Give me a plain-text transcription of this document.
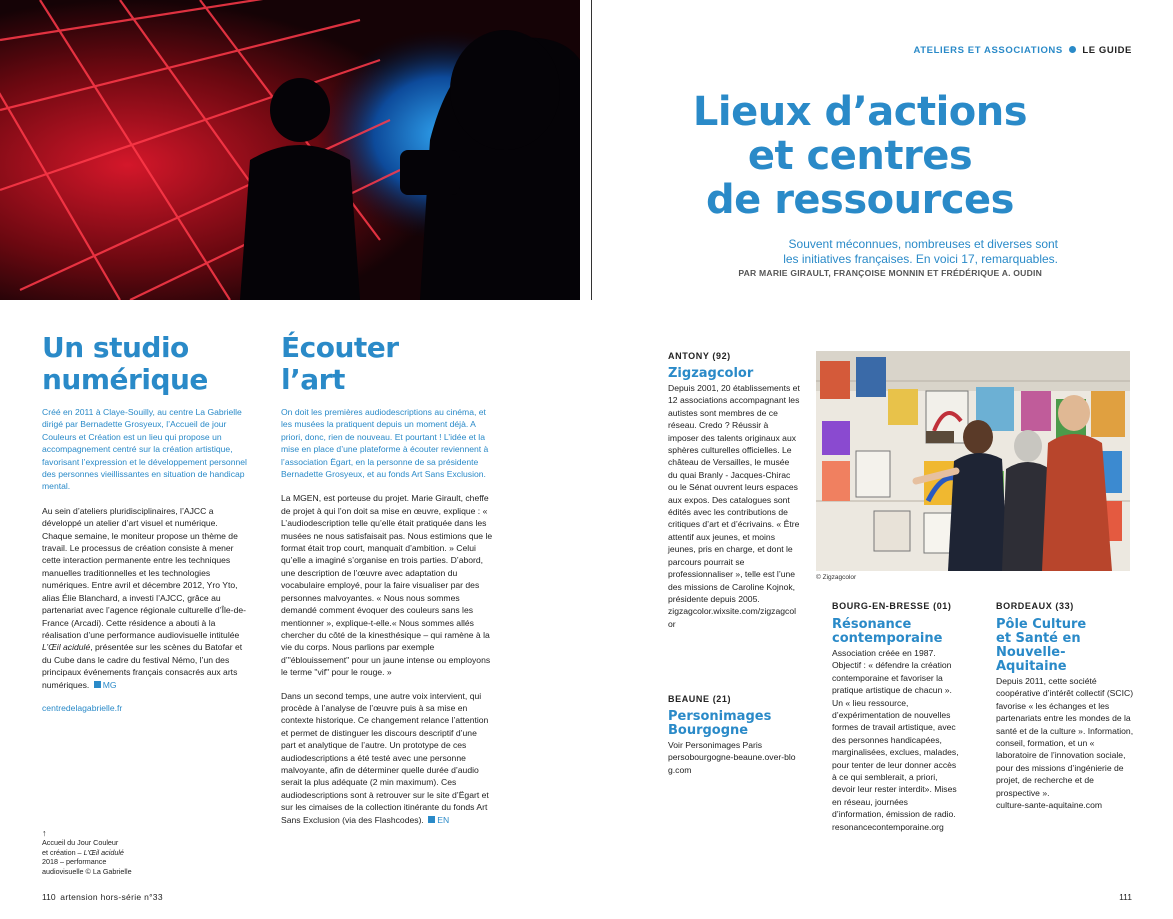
ATELIERS ET ASSOCIATIONS LE GUIDE
Lieux d’actions
et centres
de ressources
Souvent méconnues, nombreuses et diverses sont
les initiatives françaises. En voici 17, remarquables.
PAR MARIE GIRAULT, FRANÇOISE MONNIN ET FRÉDÉRIQUE A. OUDIN
Un studio
numérique

Créé en 2011 à Claye-Souilly, au centre La Gabrielle dirigé par Bernadette Grosyeux, l’Accueil de jour Couleurs et Création est un lieu qui propose un accompagnement centré sur la création artistique, favorisant l’expression et le développement personnel des personnes vieillissantes en situation de handicap mental.

Au sein d’ateliers pluridisciplinaires, l’AJCC a développé un atelier d’art visuel et numérique. Chaque semaine, le moniteur propose un thème de travail. Le processus de création consiste à mener cette interaction permanente entre les techniques manuelles traditionnelles et les technologies numériques. Entre avril et décembre 2012, Yro Yto, alias Élie Blanchard, a investi l’AJCC, grâce au partenariat avec l’agence régionale culturelle d’Île-de-France (Arcadi). Cette résidence a abouti à la réalisation d’une performance audiovisuelle intitulée L’Œil acidulé, présentée sur les scènes du Batofar et du Cube dans le cadre du festival Némo, l’un des principaux événements français consacrés aux arts numériques. MG

centredelagabrielle.fr
↑
Accueil du Jour Couleur
et création – L’Œil acidulé
2018 – performance
audiovisuelle © La Gabrielle
Écouter
l’art

On doit les premières audiodescriptions au cinéma, et les musées la pratiquent depuis un moment déjà. A priori, donc, rien de nouveau. Et pourtant ! L’idée et la mise en place d’une plateforme à écouter reviennent à l’association Ëgart, en la personne de sa présidente Bernadette Grosyeux, et au fonds Art Sans Exclusion.

La MGEN, est porteuse du projet. Marie Girault, cheffe de projet à qui l’on doit sa mise en œuvre, explique : « L’audiodescription telle qu’elle était pratiquée dans les musées ne nous satisfaisait pas. Nous estimions que le format était trop court, manquait d’ambition. » Celui qu’elle a imaginé s’organise en trois parties. D’abord, une description de l’œuvre avec adaptation du vocabulaire employé, pour la faire visualiser par des personnes malvoyantes. « Nous nous sommes demandé comment évoquer des couleurs sans les mentionner », explique-t-elle.« Nous sommes allés chercher du côté de la kinesthésique – qui ramène à la vie du corps. Nous parlions par exemple d’"éblouissement" pour un jaune intense ou employons le terme "vif" pour le rouge. »

Dans un second temps, une autre voix intervient, qui procède à l’analyse de l’œuvre puis à sa mise en contexte historique. Ce changement relance l’attention et permet de distinguer les discours descriptif d’une part et analytique de l’autre. Un prototype de ces audiodescriptions a été testé avec une personne malvoyante, afin de déterminer quelle durée d’audio serait la plus adéquate (2 min maximum). Ces audiodescriptions sont à retrouver sur le site d’Ëgart et sur les cimaises de la collection itinérante du fonds Art Sans Exclusion (via des Flashcodes). EN

ANTONY (92)
Zigzagcolor

Depuis 2001, 20 établissements et 12 associations accompagnant les autistes sont membres de ce réseau. Credo ? Réussir à imposer des talents originaux aux sphères culturelles officielles. Le château de Versailles, le musée du quai Branly - Jacques-Chirac ou le Sénat ouvrent leurs espaces aux expos. Des catalogues sont édités avec les contributions de critiques d’art et d’écrivains. « Être attentif aux jeunes, et moins jeunes, pris en charge, et dont le parcours pourrait se professionnaliser », telle est l’une des missions de Caroline Kojnok, présidente depuis 2005.

zigzagcolor.wixsite.com/zigzagcolor
BEAUNE (21)
Personimages
Bourgogne
Voir Personimages Paris
persobourgogne-beaune.over-blog.com
© Zigzagcolor
BOURG-EN-BRESSE (01)
Résonance
contemporaine

Association créée en 1987. Objectif : « défendre la création contemporaine et favoriser la pratique artistique de chacun ». Un « lieu ressource, d’expérimentation de nouvelles formes de travail artistique, avec des personnes handicapées, marginalisées, exclues, malades, pour tenter de leur donner accès à ce qui semblerait, a priori, devoir leur rester interdit». Mises en réseau, journées d’information, émission de radio.

resonancecontemporaine.org
BORDEAUX (33)
Pôle Culture
et Santé en
Nouvelle-
Aquitaine

Depuis 2011, cette société coopérative d’intérêt collectif (SCIC) favorise « les échanges et les partenariats entre les mondes de la santé et de la culture ». Information, conseil, formation, et un « laboratoire de l’innovation sociale, pour des missions d’ingénierie de projet, de recherche et de prospective ».

culture-sante-aquitaine.com
110 artension hors-série n°33	111
